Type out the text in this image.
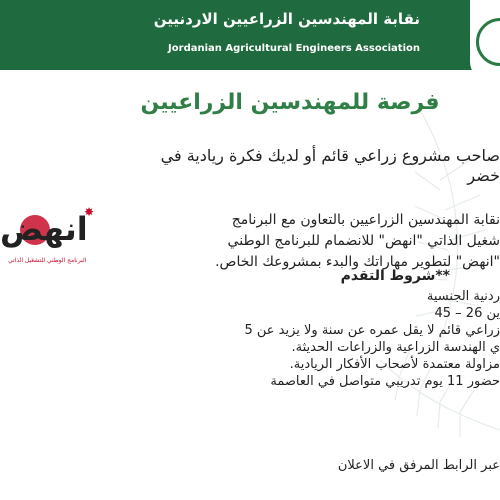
نقابة المهندسين الزراعيين الاردنيين
Jordanian Agricultural Engineers Association
فرصة للمهندسين الزراعيين
صاحب مشروع زراعي قائم أو لديك فكرة ريادية في
خضر
✸
انهض
البرنامج الوطني للتشغيل الذاتي
نقابة المهندسين الزراعيين بالتعاون مع البرنامج
شغيل الذاتي "انهض" للانضمام للبرنامج الوطني
"انهض" لتطوير مهاراتك والبدء بمشروعك الخاص.
**شروط التقدم
ردنية الجنسية
ين 26 – 45
زراعي قائم لا يقل عمره عن سنة ولا يزيد عن 5
ي الهندسة الزراعية والزراعات الحديثة.
مزاولة معتمدة لأصحاب الأفكار الريادية.
حضور 11 يوم تدريبي متواصل في العاصمة
عبر الرابط المرفق في الاعلان
